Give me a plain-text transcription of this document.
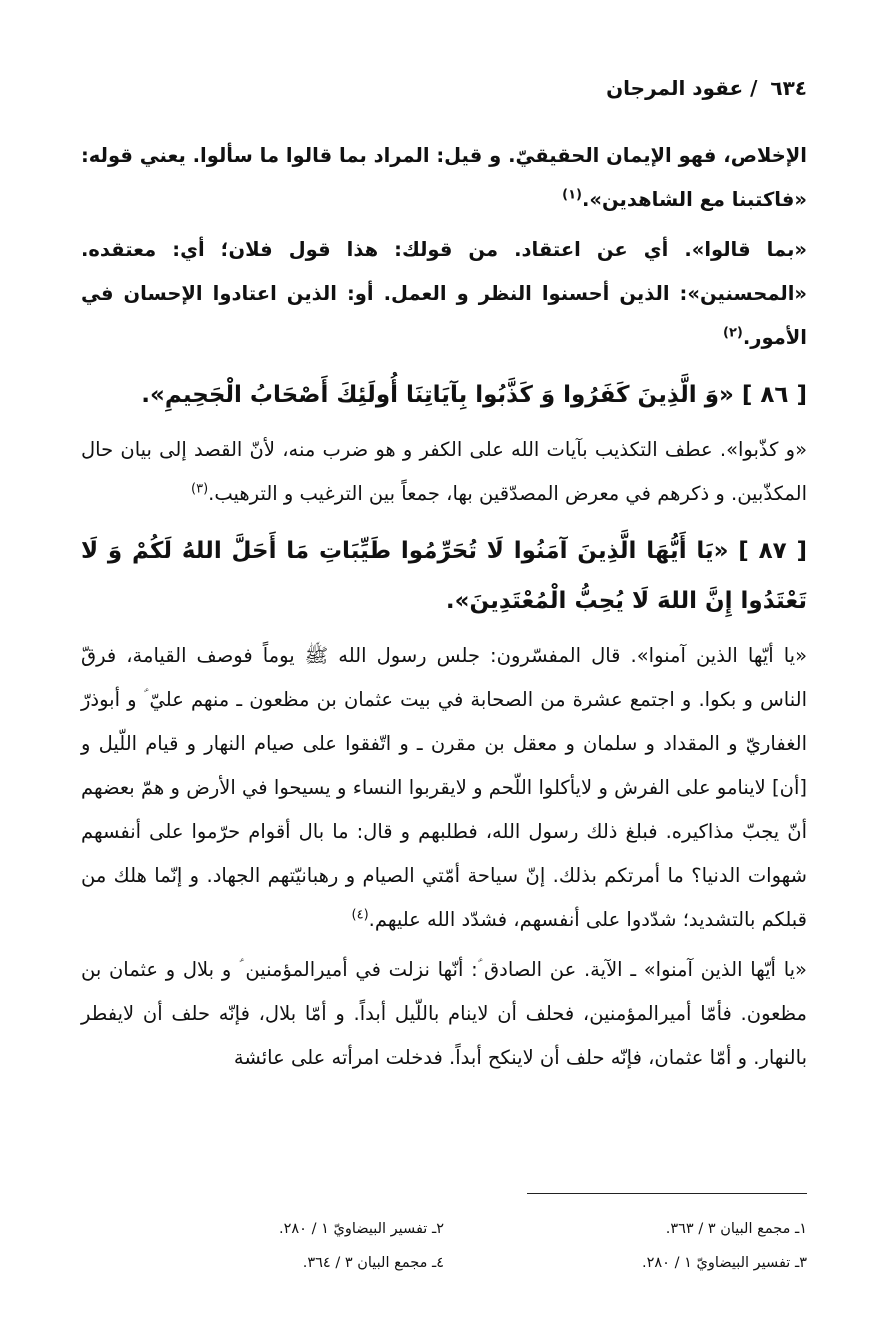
٦٣٤ / عقود المرجان

الإخلاص، فهو الإيمان الحقيقيّ. و قيل: المراد بما قالوا ما سألوا. يعني قوله: «فاكتبنا مع الشاهدين».$^{(١)}$

«بما قالوا». أي عن اعتقاد. من قولك: هذا قول فلان؛ أي: معتقده. «المحسنين»: الذين أحسنوا النظر و العمل. أو: الذين اعتادوا الإحسان في الأمور.$^{(٢)}$

[ ٨٦ ] «وَ الَّذِينَ كَفَرُوا وَ كَذَّبُوا بِآيَاتِنَا أُولَئِكَ أَصْحَابُ الْجَحِيمِ».

«و كذّبوا». عطف التكذيب بآيات الله على الكفر و هو ضرب منه، لأنّ القصد إلى بيان حال المكذّبين. و ذكرهم في معرض المصدّقين بها، جمعاً بين الترغيب و الترهيب.$^{(٣)}$

[ ٨٧ ] «يَا أَيُّهَا الَّذِينَ آمَنُوا لَا تُحَرِّمُوا طَيِّبَاتِ مَا أَحَلَّ اللهُ لَكُمْ وَ لَا تَعْتَدُوا إِنَّ اللهَ لَا يُحِبُّ الْمُعْتَدِينَ».

«يا أيّها الذين آمنوا». قال المفسّرون: جلس رسول الله ﷺ يوماً فوصف القيامة، فرقّ الناس و بكوا. و اجتمع عشرة من الصحابة في بيت عثمان بن مظعون ـ منهم عليّ ؑ و أبوذرّ الغفاريّ و المقداد و سلمان و معقل بن مقرن ـ و اتّفقوا على صيام النهار و قيام اللّيل و [أن] لاينامو على الفرش و لايأكلوا اللّحم و لايقربوا النساء و يسيحوا في الأرض و همّ بعضهم أنّ يجبّ مذاكيره. فبلغ ذلك رسول الله، فطلبهم و قال: ما بال أقوام حرّموا على أنفسهم شهوات الدنيا؟ ما أمرتكم بذلك. إنّ سياحة أمّتي الصيام و رهبانيّتهم الجهاد. و إنّما هلك من قبلكم بالتشديد؛ شدّدوا على أنفسهم، فشدّد الله عليهم.$^{(٤)}$

«يا أيّها الذين آمنوا» ـ الآية. عن الصادق ؑ: أنّها نزلت في أميرالمؤمنين ؑ و بلال و عثمان بن مظعون. فأمّا أميرالمؤمنين، فحلف أن لاينام باللّيل أبداً. و أمّا بلال، فإنّه حلف أن لايفطر بالنهار. و أمّا عثمان، فإنّه حلف أن لاينكح أبداً. فدخلت امرأته على عائشة

١ـ مجمع البيان ٣ / ٣٦٣.
٢ـ تفسير البيضاويّ ١ / ٢٨٠.
٣ـ تفسير البيضاويّ ١ / ٢٨٠.
٤ـ مجمع البيان ٣ / ٣٦٤.
